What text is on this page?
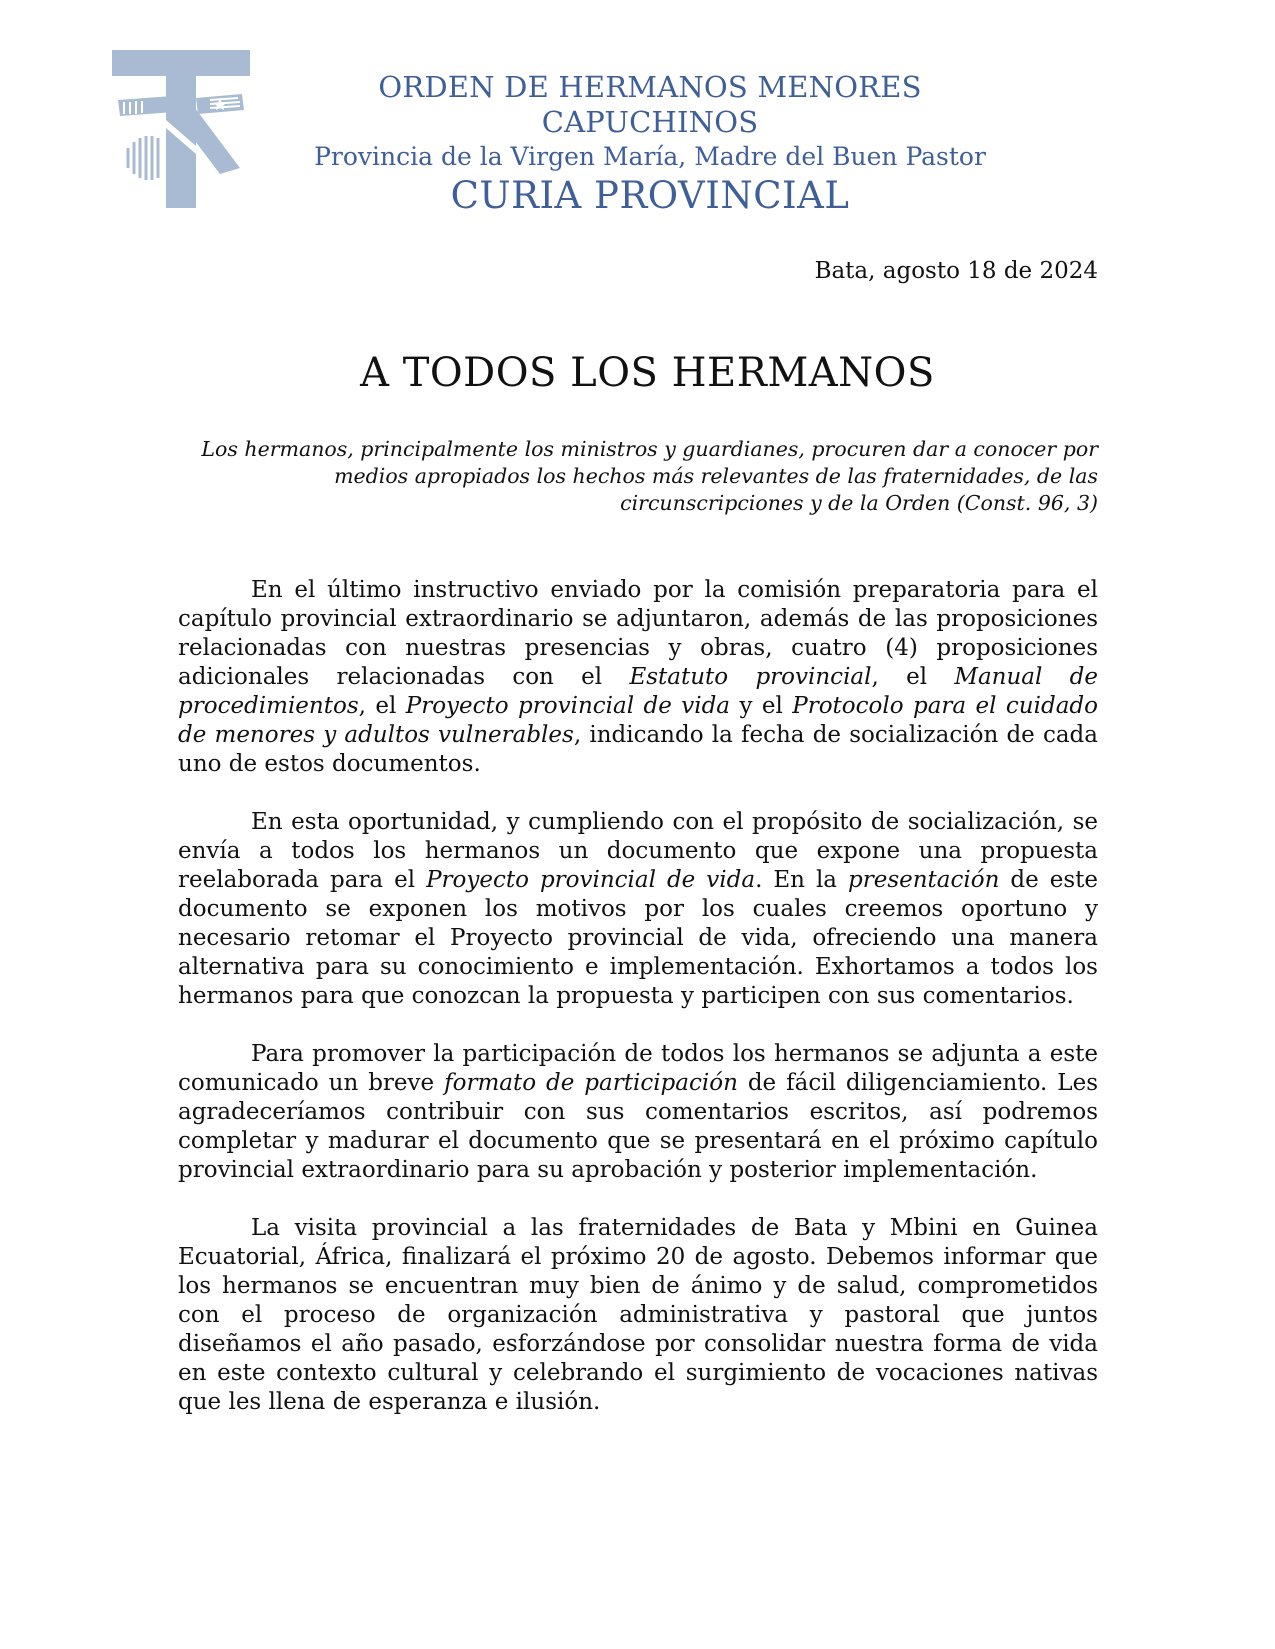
ORDEN DE HERMANOS MENORES CAPUCHINOS
Provincia de la Virgen María, Madre del Buen Pastor
CURIA PROVINCIAL
Bata, agosto 18 de 2024
A TODOS LOS HERMANOS
Los hermanos, principalmente los ministros y guardianes, procuren dar a conocer por
medios apropiados los hechos más relevantes de las fraternidades, de las
circunscripciones y de la Orden (Const. 96, 3)

En el último instructivo enviado por la comisión preparatoria para el capítulo provincial extraordinario se adjuntaron, además de las proposiciones relacionadas con nuestras presencias y obras, cuatro (4) proposiciones adicionales relacionadas con el Estatuto provincial, el Manual de procedimientos, el Proyecto provincial de vida y el Protocolo para el cuidado de menores y adultos vulnerables, indicando la fecha de socialización de cada uno de estos documentos.

En esta oportunidad, y cumpliendo con el propósito de socialización, se envía a todos los hermanos un documento que expone una propuesta reelaborada para el Proyecto provincial de vida. En la presentación de este documento se exponen los motivos por los cuales creemos oportuno y necesario retomar el Proyecto provincial de vida, ofreciendo una manera alternativa para su conocimiento e implementación. Exhortamos a todos los hermanos para que conozcan la propuesta y participen con sus comentarios.

Para promover la participación de todos los hermanos se adjunta a este comunicado un breve formato de participación de fácil diligenciamiento. Les agradeceríamos contribuir con sus comentarios escritos, así podremos completar y madurar el documento que se presentará en el próximo capítulo provincial extraordinario para su aprobación y posterior implementación.

La visita provincial a las fraternidades de Bata y Mbini en Guinea Ecuatorial, África, finalizará el próximo 20 de agosto. Debemos informar que los hermanos se encuentran muy bien de ánimo y de salud, comprometidos con el proceso de organización administrativa y pastoral que juntos diseñamos el año pasado, esforzándose por consolidar nuestra forma de vida en este contexto cultural y celebrando el surgimiento de vocaciones nativas que les llena de esperanza e ilusión.
